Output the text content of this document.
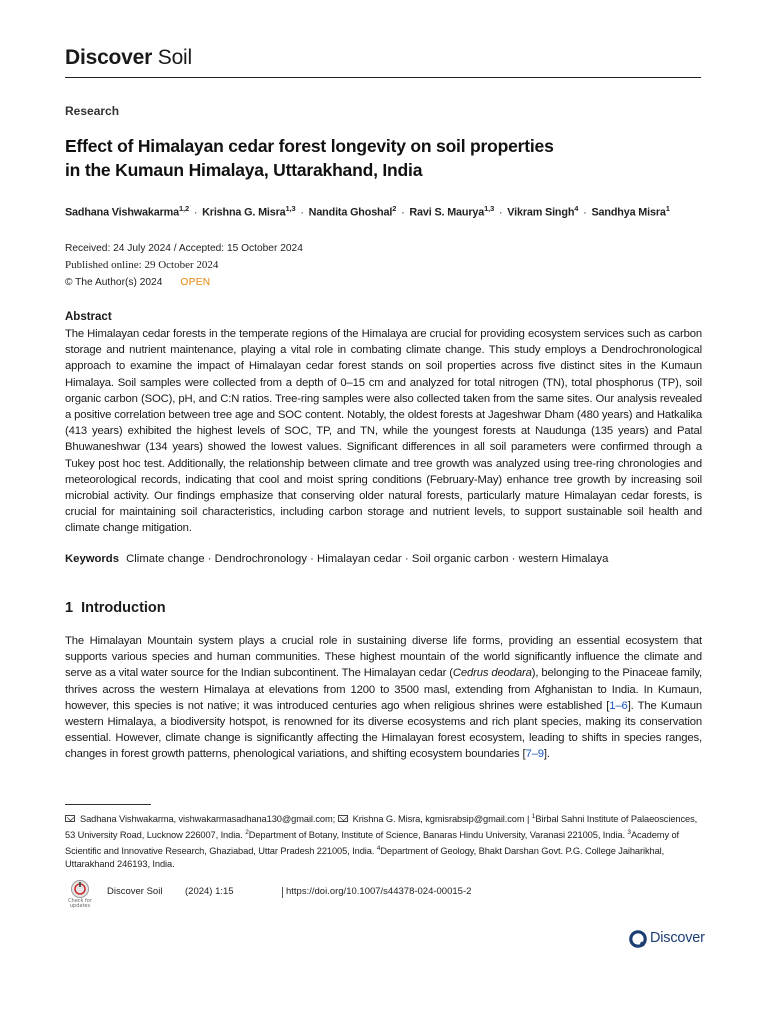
Discover Soil
Research
Effect of Himalayan cedar forest longevity on soil properties
in the Kumaun Himalaya, Uttarakhand, India
Sadhana Vishwakarma$^{1,2}$ · Krishna G. Misra$^{1,3}$ · Nandita Ghoshal$^2$ · Ravi S. Maurya$^{1,3}$ · Vikram Singh$^4$ · Sandhya Misra$^1$
Received: 24 July 2024 / Accepted: 15 October 2024
Published online: 29 October 2024
© The Author(s) 2024 OPEN
Abstract
The Himalayan cedar forests in the temperate regions of the Himalaya are crucial for providing ecosystem services such as carbon storage and nutrient maintenance, playing a vital role in combating climate change. This study employs a Dendrochronological approach to examine the impact of Himalayan cedar forest stands on soil properties across five distinct sites in the Kumaun Himalaya. Soil samples were collected from a depth of 0–15 cm and analyzed for total nitrogen (TN), total phosphorus (TP), soil organic carbon (SOC), pH, and C:N ratios. Tree-ring samples were also collected taken from the same sites. Our analysis revealed a positive correlation between tree age and SOC content. Notably, the oldest forests at Jageshwar Dham (480 years) and Hatkalika (413 years) exhibited the highest levels of SOC, TP, and TN, while the youngest forests at Naudunga (135 years) and Patal Bhuwaneshwar (134 years) showed the lowest values. Significant differences in all soil parameters were confirmed through a Tukey post hoc test. Additionally, the relationship between climate and tree growth was analyzed using tree-ring chronologies and meteorological records, indicating that cool and moist spring conditions (February-May) enhance tree growth by increasing soil microbial activity. Our findings emphasize that conserving older natural forests, particularly mature Himalayan cedar forests, is crucial for maintaining soil characteristics, including carbon storage and nutrient levels, to support sustainable soil health and climate change mitigation.
Keywords Climate change · Dendrochronology · Himalayan cedar · Soil organic carbon · western Himalaya
1 Introduction
The Himalayan Mountain system plays a crucial role in sustaining diverse life forms, providing an essential ecosystem that supports various species and human communities. These highest mountain of the world significantly influence the climate and serve as a vital water source for the Indian subcontinent. The Himalayan cedar (Cedrus deodara), belonging to the Pinaceae family, thrives across the western Himalaya at elevations from 1200 to 3500 masl, extending from Afghanistan to India. In Kumaun, however, this species is not native; it was introduced centuries ago when religious shrines were established [1–6]. The Kumaun western Himalaya, a biodiversity hotspot, is renowned for its diverse ecosystems and rich plant species, making its conservation essential. However, climate change is significantly affecting the Himalayan forest ecosystem, leading to shifts in species ranges, changes in forest growth patterns, phenological variations, and shifting ecosystem boundaries [7–9].
Sadhana Vishwakarma, vishwakarmasadhana130@gmail.com; Krishna G. Misra, kgmisrabsip@gmail.com | $^1$Birbal Sahni Institute of Palaeosciences, 53 University Road, Lucknow 226007, India. $^2$Department of Botany, Institute of Science, Banaras Hindu University, Varanasi 221005, India. $^3$Academy of Scientific and Innovative Research, Ghaziabad, Uttar Pradesh 221005, India. $^4$Department of Geology, Bhakt Darshan Govt. P.G. College Jaiharikhal, Uttarakhand 246193, India.
Check for updates
Discover Soil (2024) 1:15	https://doi.org/10.1007/s44378-024-00015-2
Discover
